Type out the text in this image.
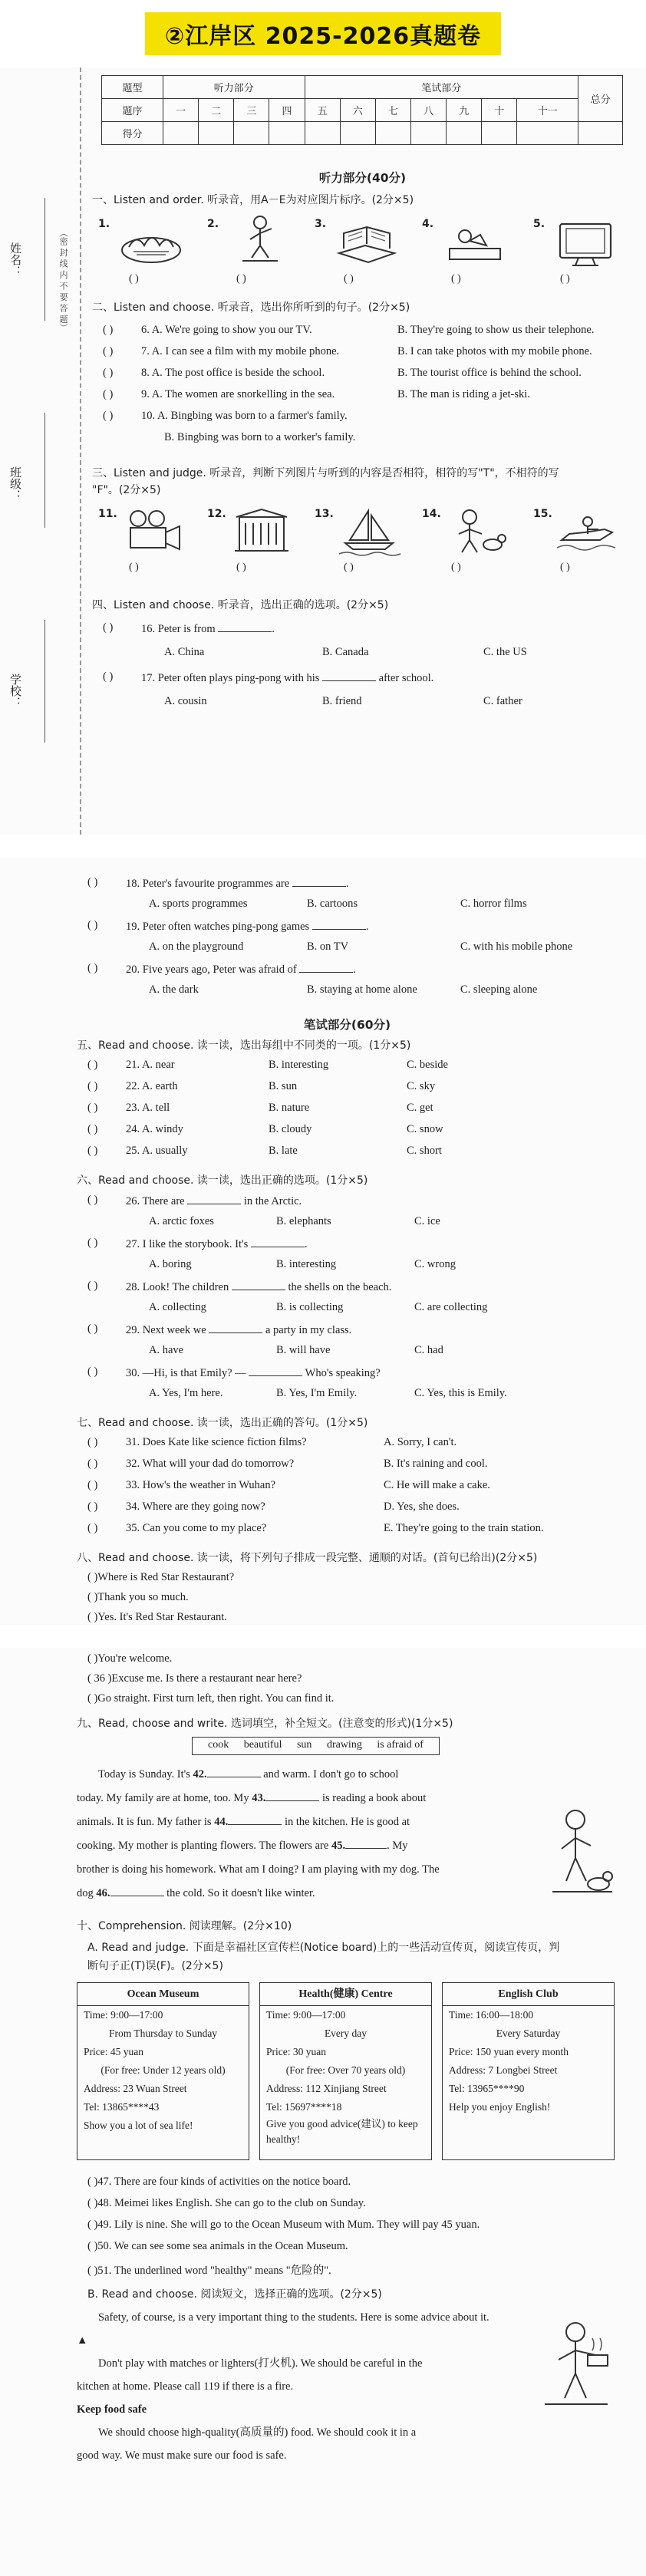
②江岸区 2025-2026真题卷
姓名：
班级：
学校：
（密 封 线 内 不 要 答 题）
题型	听力部分				笔试部分							总分
题序	一	二	三	四	五	六	七	八	九	十	十一	
得分												
听力部分(40分)
一、Listen and order. 听录音，用A－E为对应图片标序。(2分×5)
1.
( )
2.
( )
3.
( )
4.
( )
5.
( )
二、Listen and choose. 听录音，选出你所听到的句子。(2分×5)
( )	6. A. We're going to show you our TV.	B. They're going to show us their telephone.
( )	7. A. I can see a film with my mobile phone.	B. I can take photos with my mobile phone.
( )	8. A. The post office is beside the school.	B. The tourist office is behind the school.
( )	9. A. The women are snorkelling in the sea.	B. The man is riding a jet-ski.
( )	10. A. Bingbing was born to a farmer's family.
B. Bingbing was born to a worker's family.
三、Listen and judge. 听录音，判断下列图片与听到的内容是否相符，相符的写"T"，不相符的写
"F"。(2分×5)
11.
( )
12.
( )
13.
( )
14.
( )
15.
( )
四、Listen and choose. 听录音，选出正确的选项。(2分×5)
( )	16. Peter is from	.
A. China	B. Canada	C. the US
( )	17. Peter often plays ping-pong with his	after school.
A. cousin	B. friend	C. father
( )	18. Peter's favourite programmes are	.
A. sports programmes	B. cartoons	C. horror films
( )	19. Peter often watches ping-pong games	.
A. on the playground	B. on TV	C. with his mobile phone
( )	20. Five years ago, Peter was afraid of	.
A. the dark	B. staying at home alone	C. sleeping alone
笔试部分(60分)
五、Read and choose. 读一读，选出每组中不同类的一项。(1分×5)
( )	21. A. near	B. interesting	C. beside
( )	22. A. earth	B. sun	C. sky
( )	23. A. tell	B. nature	C. get
( )	24. A. windy	B. cloudy	C. snow
( )	25. A. usually	B. late	C. short
六、Read and choose. 读一读，选出正确的选项。(1分×5)
( )	26. There are	in the Arctic.
A. arctic foxes	B. elephants	C. ice
( )	27. I like the storybook. It's	.
A. boring	B. interesting	C. wrong
( )	28. Look! The children	the shells on the beach.
A. collecting	B. is collecting	C. are collecting
( )	29. Next week we	a party in my class.
A. have	B. will have	C. had
( )	30. —Hi, is that Emily? —	Who's speaking?
A. Yes, I'm here.	B. Yes, I'm Emily.	C. Yes, this is Emily.
七、Read and choose. 读一读，选出正确的答句。(1分×5)
( )	31. Does Kate like science fiction films?	A. Sorry, I can't.
( )	32. What will your dad do tomorrow?	B. It's raining and cool.
( )	33. How's the weather in Wuhan?	C. He will make a cake.
( )	34. Where are they going now?	D. Yes, she does.
( )	35. Can you come to my place?	E. They're going to the train station.
八、Read and choose. 读一读，将下列句子排成一段完整、通顺的对话。(首句已给出)(2分×5)
( )Where is Red Star Restaurant?
( )Thank you so much.
( )Yes. It's Red Star Restaurant.
( )You're welcome.
( 36 )Excuse me. Is there a restaurant near here?
( )Go straight. First turn left, then right. You can find it.
九、Read, choose and write. 选词填空，补全短文。(注意变的形式)(1分×5)
cook beautiful sun drawing is afraid of
Today is Sunday. It's 42.	and warm. I don't go to school
today. My family are at home, too. My 43.	is reading a book about
animals. It is fun. My father is 44.	in the kitchen. He is good at
cooking. My mother is planting flowers. The flowers are 45.	. My
brother is doing his homework. What am I doing? I am playing with my dog. The
dog 46.	the cold. So it doesn't like winter.
十、Comprehension. 阅读理解。(2分×10)
A. Read and judge. 下面是幸福社区宣传栏(Notice board)上的一些活动宣传页，阅读宣传页，判
断句子正(T)误(F)。(2分×5)
Ocean Museum
Time: 9:00—17:00
From Thursday to Sunday
Price: 45 yuan
(For free: Under 12 years old)
Address: 23 Wuan Street
Tel: 13865****43
Show you a lot of sea life!
Health(健康) Centre
Time: 9:00—17:00
Every day
Price: 30 yuan
(For free: Over 70 years old)
Address: 112 Xinjiang Street
Tel: 15697****18
Give you good advice(建议) to keep healthy!
English Club
Time: 16:00—18:00
Every Saturday
Price: 150 yuan every month
Address: 7 Longbei Street
Tel: 13965****90
Help you enjoy English!
( )47. There are four kinds of activities on the notice board.
( )48. Meimei likes English. She can go to the club on Sunday.
( )49. Lily is nine. She will go to the Ocean Museum with Mum. They will pay 45 yuan.
( )50. We can see some sea animals in the Ocean Museum.
( )51. The underlined word "healthy" means "危险的".
B. Read and choose. 阅读短文，选择正确的选项。(2分×5)
Safety, of course, is a very important thing to the students. Here is some advice about it.
▲
Don't play with matches or lighters(打火机). We should be careful in the
kitchen at home. Please call 119 if there is a fire.
Keep food safe
We should choose high-quality(高质量的) food. We should cook it in a
good way. We must make sure our food is safe.
